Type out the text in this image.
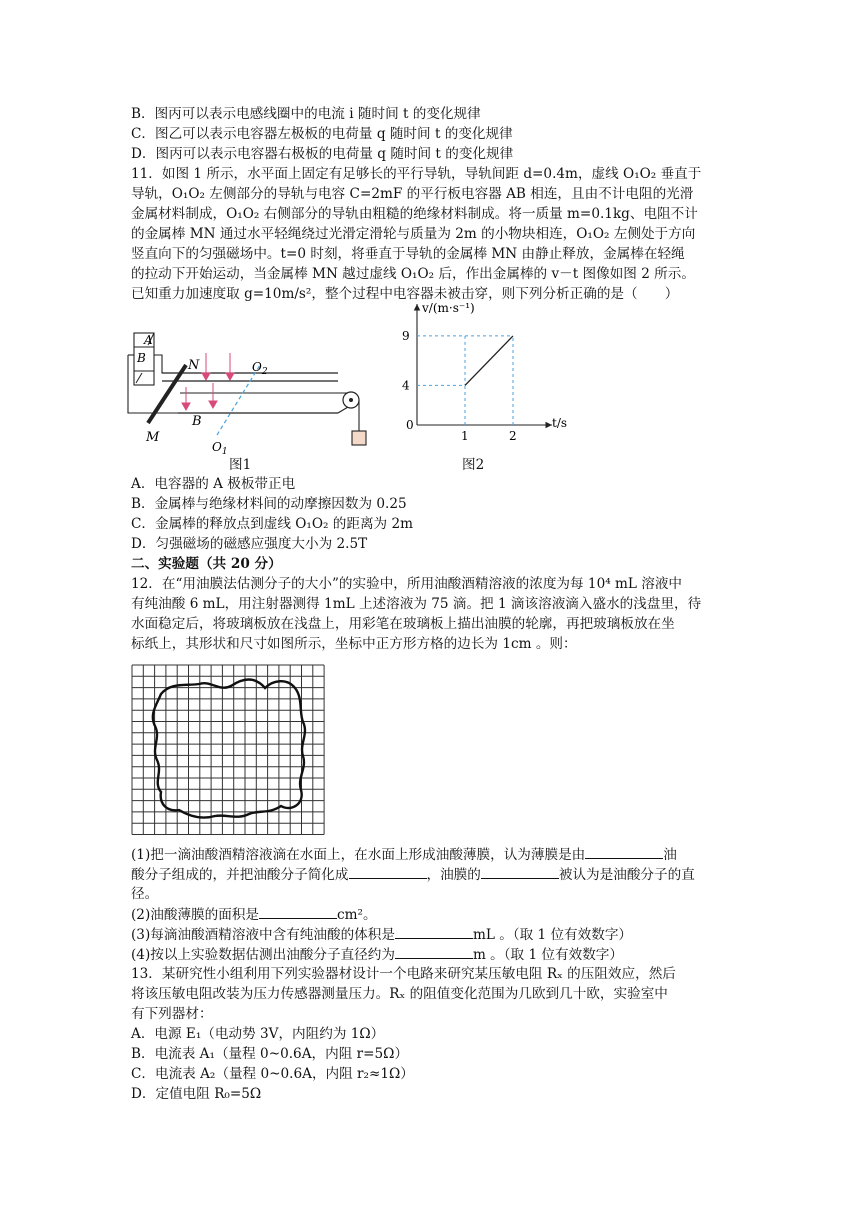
B．图丙可以表示电感线圈中的电流 i 随时间 t 的变化规律
C．图乙可以表示电容器左极板的电荷量 q 随时间 t 的变化规律
D．图丙可以表示电容器右极板的电荷量 q 随时间 t 的变化规律
11．如图 1 所示，水平面上固定有足够长的平行导轨，导轨间距 d=0.4m，虚线 O₁O₂ 垂直于
导轨，O₁O₂ 左侧部分的导轨与电容 C=2mF 的平行板电容器 AB 相连，且由不计电阻的光滑
金属材料制成，O₁O₂ 右侧部分的导轨由粗糙的绝缘材料制成。将一质量 m=0.1kg、电阻不计
的金属棒 MN 通过水平轻绳绕过光滑定滑轮与质量为 2m 的小物块相连，O₁O₂ 左侧处于方向
竖直向下的匀强磁场中。t=0 时刻，将垂直于导轨的金属棒 MN 由静止释放，金属棒在轻绳
的拉动下开始运动，当金属棒 MN 越过虚线 O₁O₂ 后，作出金属棒的 v－t 图像如图 2 所示。
已知重力加速度取 g=10m/s²，整个过程中电容器未被击穿，则下列分析正确的是（　　）
A
B	N
M
B
$O_2$
$O_1$
图1
v/(m·s⁻¹)
t/s
0
4
9
1	2
图2
A．电容器的 A 极板带正电
B．金属棒与绝缘材料间的动摩擦因数为 0.25
C．金属棒的释放点到虚线 O₁O₂ 的距离为 2m
D．匀强磁场的磁感应强度大小为 2.5T
二、实验题（共 20 分）
12．在“用油膜法估测分子的大小”的实验中，所用油酸酒精溶液的浓度为每 10⁴ mL 溶液中
有纯油酸 6 mL，用注射器测得 1mL 上述溶液为 75 滴。把 1 滴该溶液滴入盛水的浅盘里，待
水面稳定后，将玻璃板放在浅盘上，用彩笔在玻璃板上描出油膜的轮廓，再把玻璃板放在坐
标纸上，其形状和尺寸如图所示，坐标中正方形方格的边长为 1cm 。则：
(1)把一滴油酸酒精溶液滴在水面上，在水面上形成油酸薄膜，认为薄膜是由	油
酸分子组成的，并把油酸分子简化成	，油膜的	被认为是油酸分子的直
径。
(2)油酸薄膜的面积是	cm²。
(3)每滴油酸酒精溶液中含有纯油酸的体积是	mL 。（取 1 位有效数字）
(4)按以上实验数据估测出油酸分子直径约为	m 。（取 1 位有效数字）
13．某研究性小组利用下列实验器材设计一个电路来研究某压敏电阻 Rₓ 的压阻效应，然后
将该压敏电阻改装为压力传感器测量压力。Rₓ 的阻值变化范围为几欧到几十欧，实验室中
有下列器材：
A．电源 E₁（电动势 3V，内阻约为 1Ω）
B．电流表 A₁（量程 0~0.6A，内阻 r=5Ω）
C．电流表 A₂（量程 0~0.6A，内阻 r₂≈1Ω）
D．定值电阻 R₀=5Ω
